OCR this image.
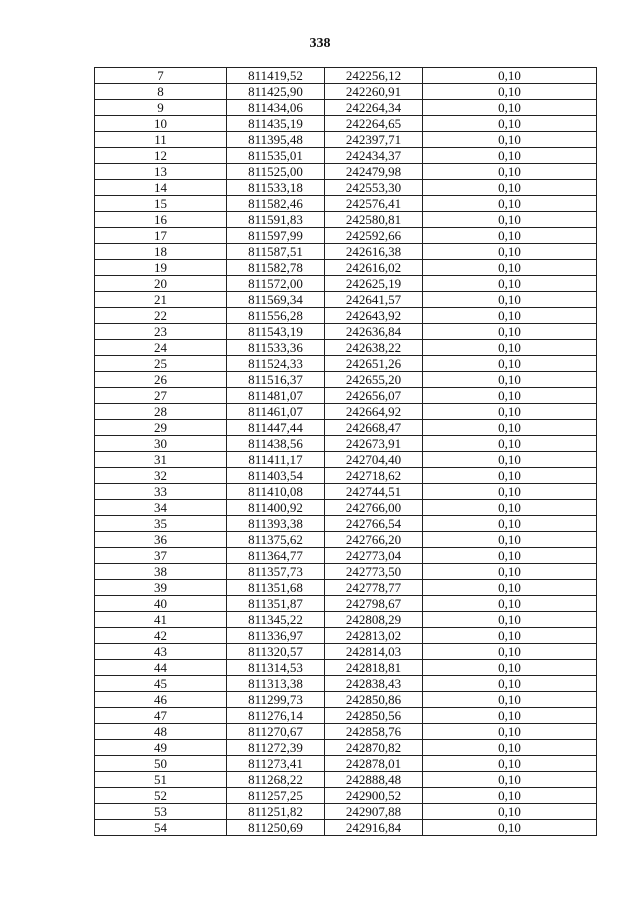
338
7	811419,52	242256,12	0,10
8	811425,90	242260,91	0,10
9	811434,06	242264,34	0,10
10	811435,19	242264,65	0,10
11	811395,48	242397,71	0,10
12	811535,01	242434,37	0,10
13	811525,00	242479,98	0,10
14	811533,18	242553,30	0,10
15	811582,46	242576,41	0,10
16	811591,83	242580,81	0,10
17	811597,99	242592,66	0,10
18	811587,51	242616,38	0,10
19	811582,78	242616,02	0,10
20	811572,00	242625,19	0,10
21	811569,34	242641,57	0,10
22	811556,28	242643,92	0,10
23	811543,19	242636,84	0,10
24	811533,36	242638,22	0,10
25	811524,33	242651,26	0,10
26	811516,37	242655,20	0,10
27	811481,07	242656,07	0,10
28	811461,07	242664,92	0,10
29	811447,44	242668,47	0,10
30	811438,56	242673,91	0,10
31	811411,17	242704,40	0,10
32	811403,54	242718,62	0,10
33	811410,08	242744,51	0,10
34	811400,92	242766,00	0,10
35	811393,38	242766,54	0,10
36	811375,62	242766,20	0,10
37	811364,77	242773,04	0,10
38	811357,73	242773,50	0,10
39	811351,68	242778,77	0,10
40	811351,87	242798,67	0,10
41	811345,22	242808,29	0,10
42	811336,97	242813,02	0,10
43	811320,57	242814,03	0,10
44	811314,53	242818,81	0,10
45	811313,38	242838,43	0,10
46	811299,73	242850,86	0,10
47	811276,14	242850,56	0,10
48	811270,67	242858,76	0,10
49	811272,39	242870,82	0,10
50	811273,41	242878,01	0,10
51	811268,22	242888,48	0,10
52	811257,25	242900,52	0,10
53	811251,82	242907,88	0,10
54	811250,69	242916,84	0,10
